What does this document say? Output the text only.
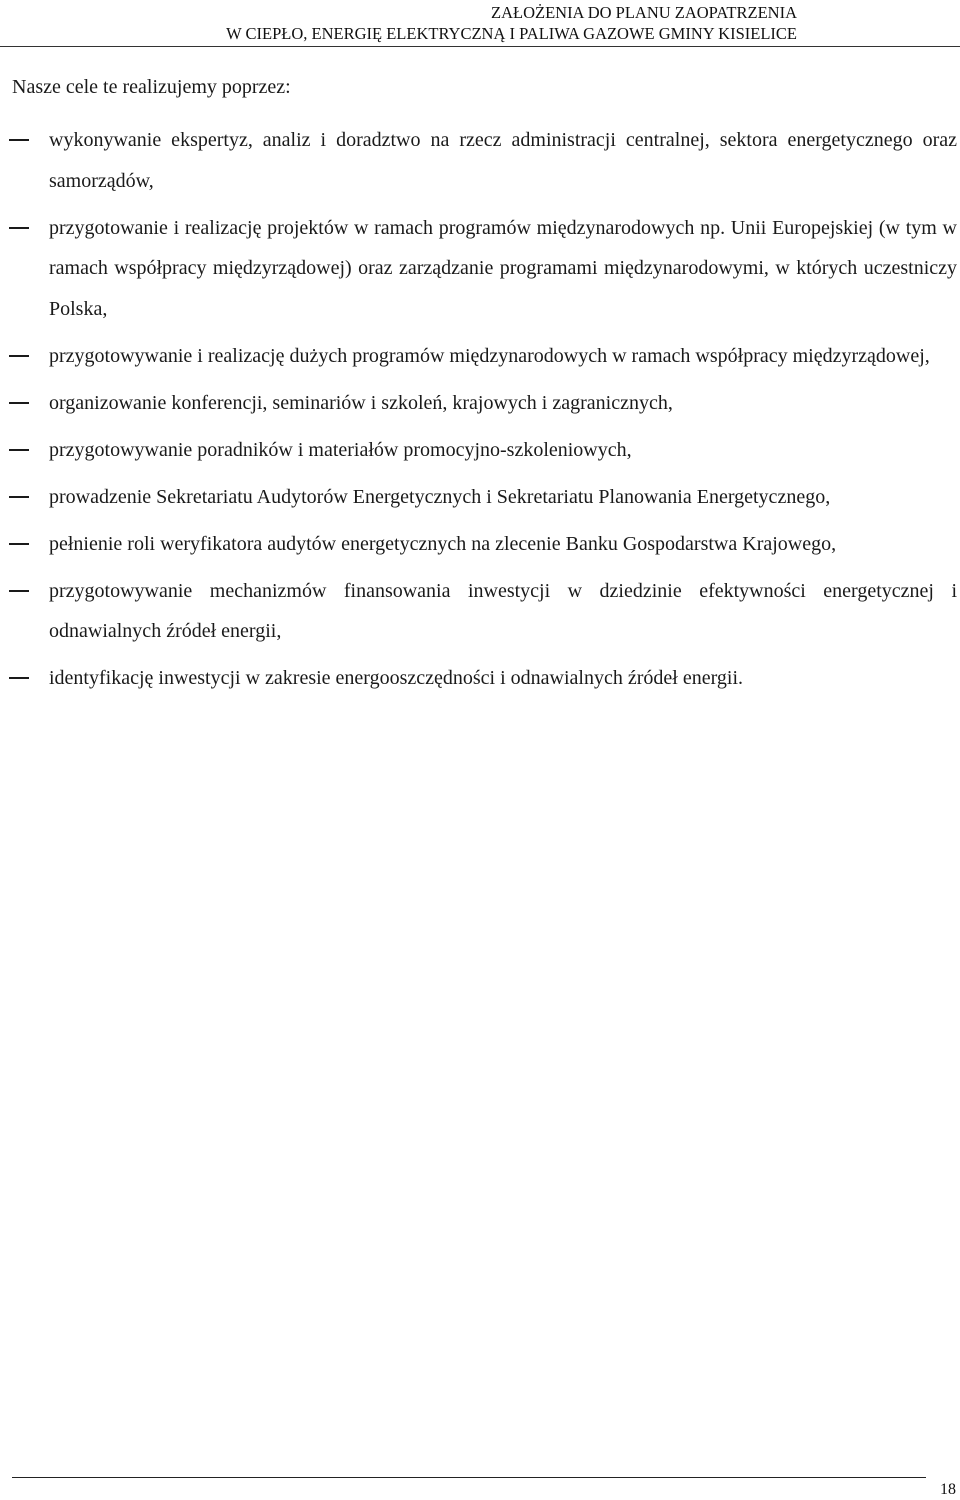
ZAŁOŻENIA DO PLANU ZAOPATRZENIA
W CIEPŁO, ENERGIĘ ELEKTRYCZNĄ I PALIWA GAZOWE GMINY KISIELICE
Nasze cele te realizujemy poprzez:
wykonywanie ekspertyz, analiz i doradztwo na rzecz administracji centralnej, sektora energetycznego oraz samorządów,
przygotowanie i realizację projektów w ramach programów międzynarodowych np. Unii Europejskiej (w tym w ramach współpracy międzyrządowej) oraz zarządzanie programami międzynarodowymi, w których uczestniczy Polska,
przygotowywanie i realizację dużych programów międzynarodowych w ramach współpracy międzyrządowej,
organizowanie konferencji, seminariów i szkoleń, krajowych i zagranicznych,
przygotowywanie poradników i materiałów promocyjno-szkoleniowych,
prowadzenie Sekretariatu Audytorów Energetycznych i Sekretariatu Planowania Energetycznego,
pełnienie roli weryfikatora audytów energetycznych na zlecenie Banku Gospodarstwa Krajowego,
przygotowywanie mechanizmów finansowania inwestycji w dziedzinie efektywności energetycznej i odnawialnych źródeł energii,
identyfikację inwestycji w zakresie energooszczędności i odnawialnych źródeł energii.
18
